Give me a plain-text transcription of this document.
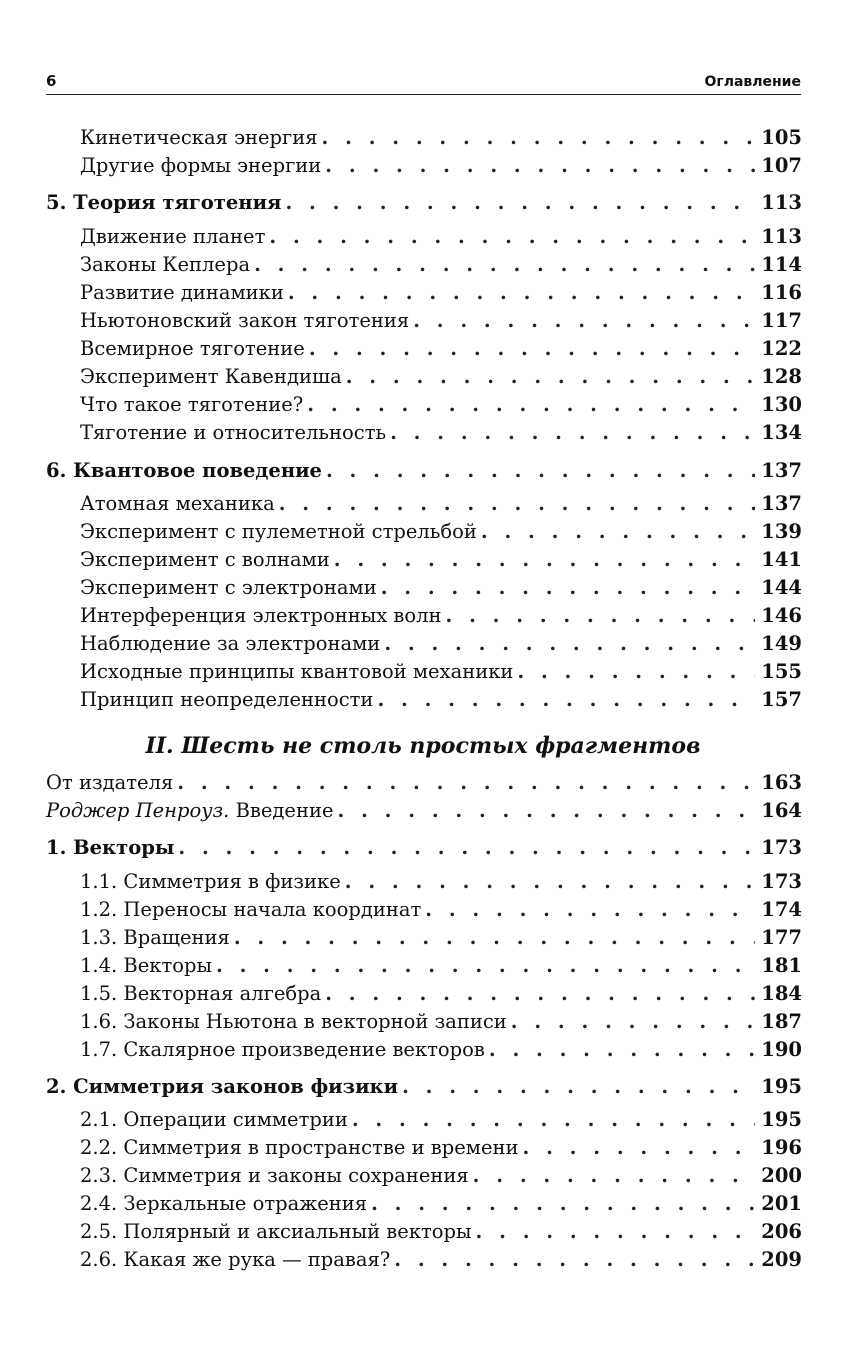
6	Оглавление
Кинетическая энергия . . .	105
Другие формы энергии . . .	107
5. Теория тяготения . . .	113
Движение планет . . .	113
Законы Кеплера . . .	114
Развитие динамики . . .	116
Ньютоновский закон тяготения . . .	117
Всемирное тяготение . . .	122
Эксперимент Кавендиша . . .	128
Что такое тяготение? . . .	130
Тяготение и относительность . . .	134
6. Квантовое поведение . . .	137
Атомная механика . . .	137
Эксперимент с пулеметной стрельбой . . .	139
Эксперимент с волнами . . .	141
Эксперимент с электронами . . .	144
Интерференция электронных волн . . .	146
Наблюдение за электронами . . .	149
Исходные принципы квантовой механики . . .	155
Принцип неопределенности . . .	157
II. Шесть не столь простых фрагментов
От издателя . . .	163
Роджер Пенроуз. Введение . . .	164
1. Векторы . . .	173
1.1. Симметрия в физике . . .	173
1.2. Переносы начала координат . . .	174
1.3. Вращения . . .	177
1.4. Векторы . . .	181
1.5. Векторная алгебра . . .	184
1.6. Законы Ньютона в векторной записи . . .	187
1.7. Скалярное произведение векторов . . .	190
2. Симметрия законов физики . . .	195
2.1. Операции симметрии . . .	195
2.2. Симметрия в пространстве и времени . . .	196
2.3. Симметрия и законы сохранения . . .	200
2.4. Зеркальные отражения . . .	201
2.5. Полярный и аксиальный векторы . . .	206
2.6. Какая же рука — правая? . . .	209
